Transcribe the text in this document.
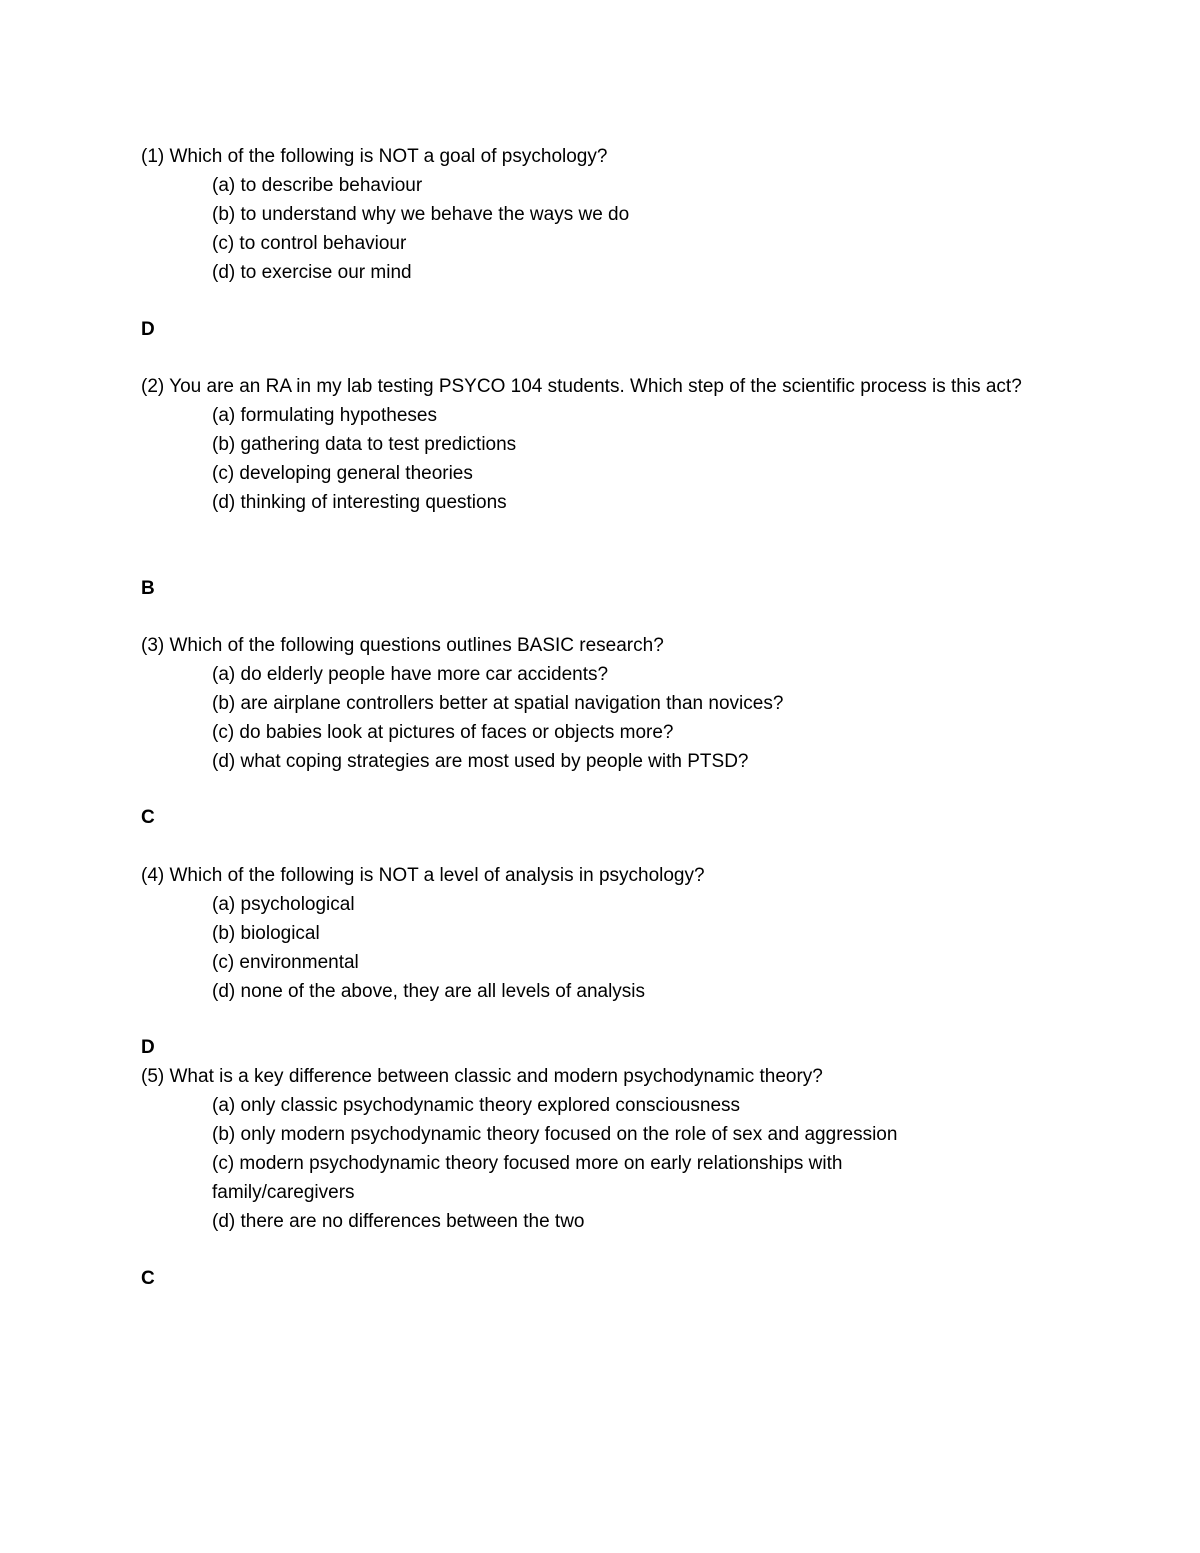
(1) Which of the following is NOT a goal of psychology?

(a) to describe behaviour
(b) to understand why we behave the ways we do
(c) to control behaviour
(d) to exercise our mind
D

(2) You are an RA in my lab testing PSYCO 104 students. Which step of the scientific process is this act?

(a) formulating hypotheses
(b) gathering data to test predictions
(c) developing general theories
(d) thinking of interesting questions
B

(3) Which of the following questions outlines BASIC research?

(a) do elderly people have more car accidents?
(b) are airplane controllers better at spatial navigation than novices?
(c) do babies look at pictures of faces or objects more?
(d) what coping strategies are most used by people with PTSD?
C

(4) Which of the following is NOT a level of analysis in psychology?

(a) psychological
(b) biological
(c) environmental
(d) none of the above, they are all levels of analysis
D

(5) What is a key difference between classic and modern psychodynamic theory?

(a) only classic psychodynamic theory explored consciousness
(b) only modern psychodynamic theory focused on the role of sex and aggression
(c) modern psychodynamic theory focused more on early relationships with family/caregivers
(d) there are no differences between the two
C
